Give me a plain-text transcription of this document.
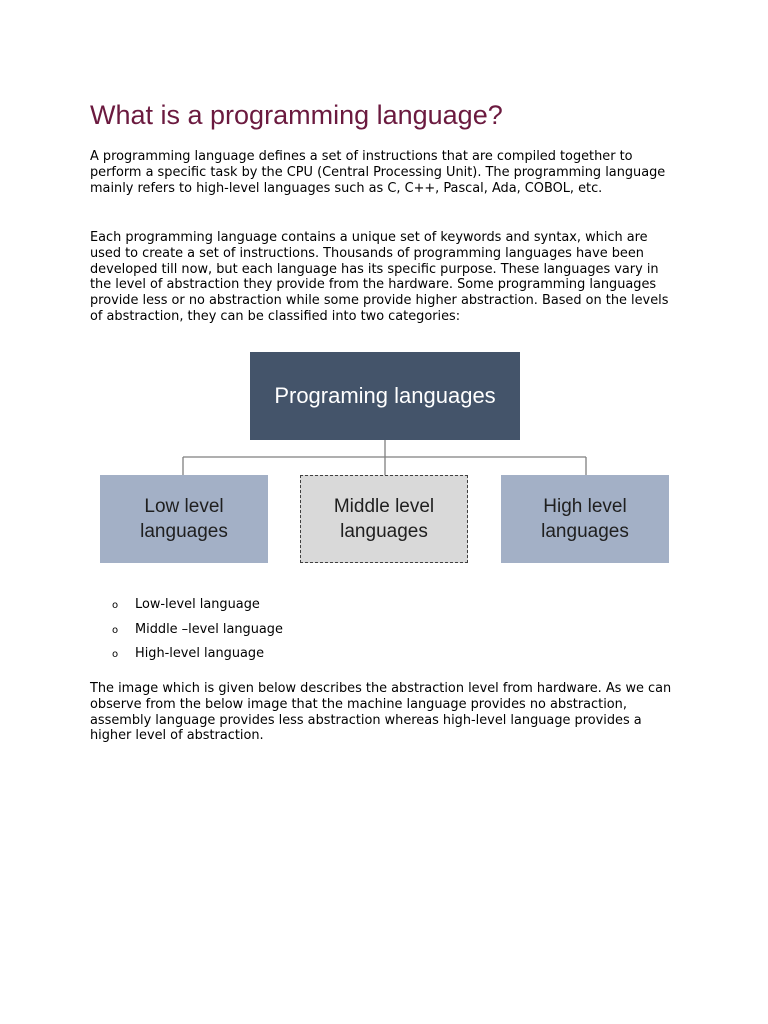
What is a programming language?

A programming language defines a set of instructions that are compiled together to perform a specific task by the CPU (Central Processing Unit). The programming language mainly refers to high-level languages such as C, C++, Pascal, Ada, COBOL, etc.

Each programming language contains a unique set of keywords and syntax, which are used to create a set of instructions. Thousands of programming languages have been developed till now, but each language has its specific purpose. These languages vary in the level of abstraction they provide from the hardware. Some programming languages provide less or no abstraction while some provide higher abstraction. Based on the levels of abstraction, they can be classified into two categories:

Programing languages
Low level languages
Middle level languages
High level languages
o Low-level language
o Middle –level language
o High-level language

The image which is given below describes the abstraction level from hardware. As we can observe from the below image that the machine language provides no abstraction, assembly language provides less abstraction whereas high-level language provides a higher level of abstraction.
